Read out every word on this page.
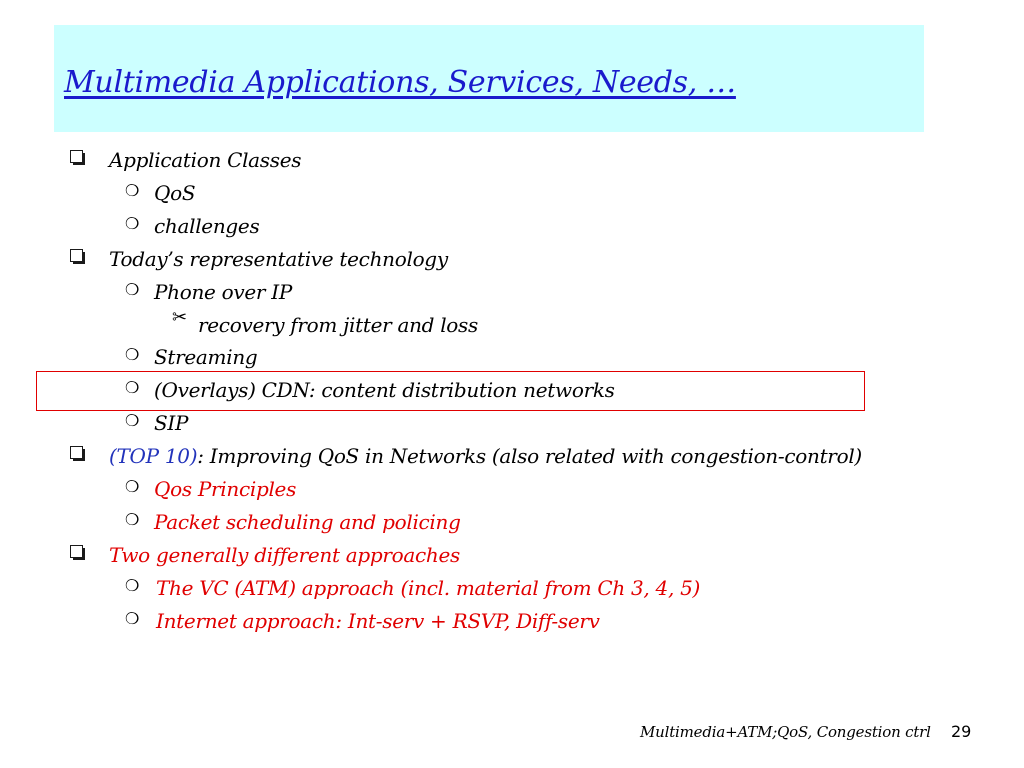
Multimedia Applications, Services, Needs, …
Application Classes
❍ QoS
❍ challenges
Today’s representative technology
❍ Phone over IP
✂ recovery from jitter and loss
❍ Streaming
❍ (Overlays) CDN: content distribution networks
❍ SIP
(TOP 10): Improving QoS in Networks (also related with congestion-control)
❍ Qos Principles
❍ Packet scheduling and policing
Two generally different approaches
❍ The VC (ATM) approach (incl. material from Ch 3, 4, 5)
❍ Internet approach: Int-serv + RSVP, Diff-serv
Multimedia+ATM;QoS, Congestion ctrl 29
